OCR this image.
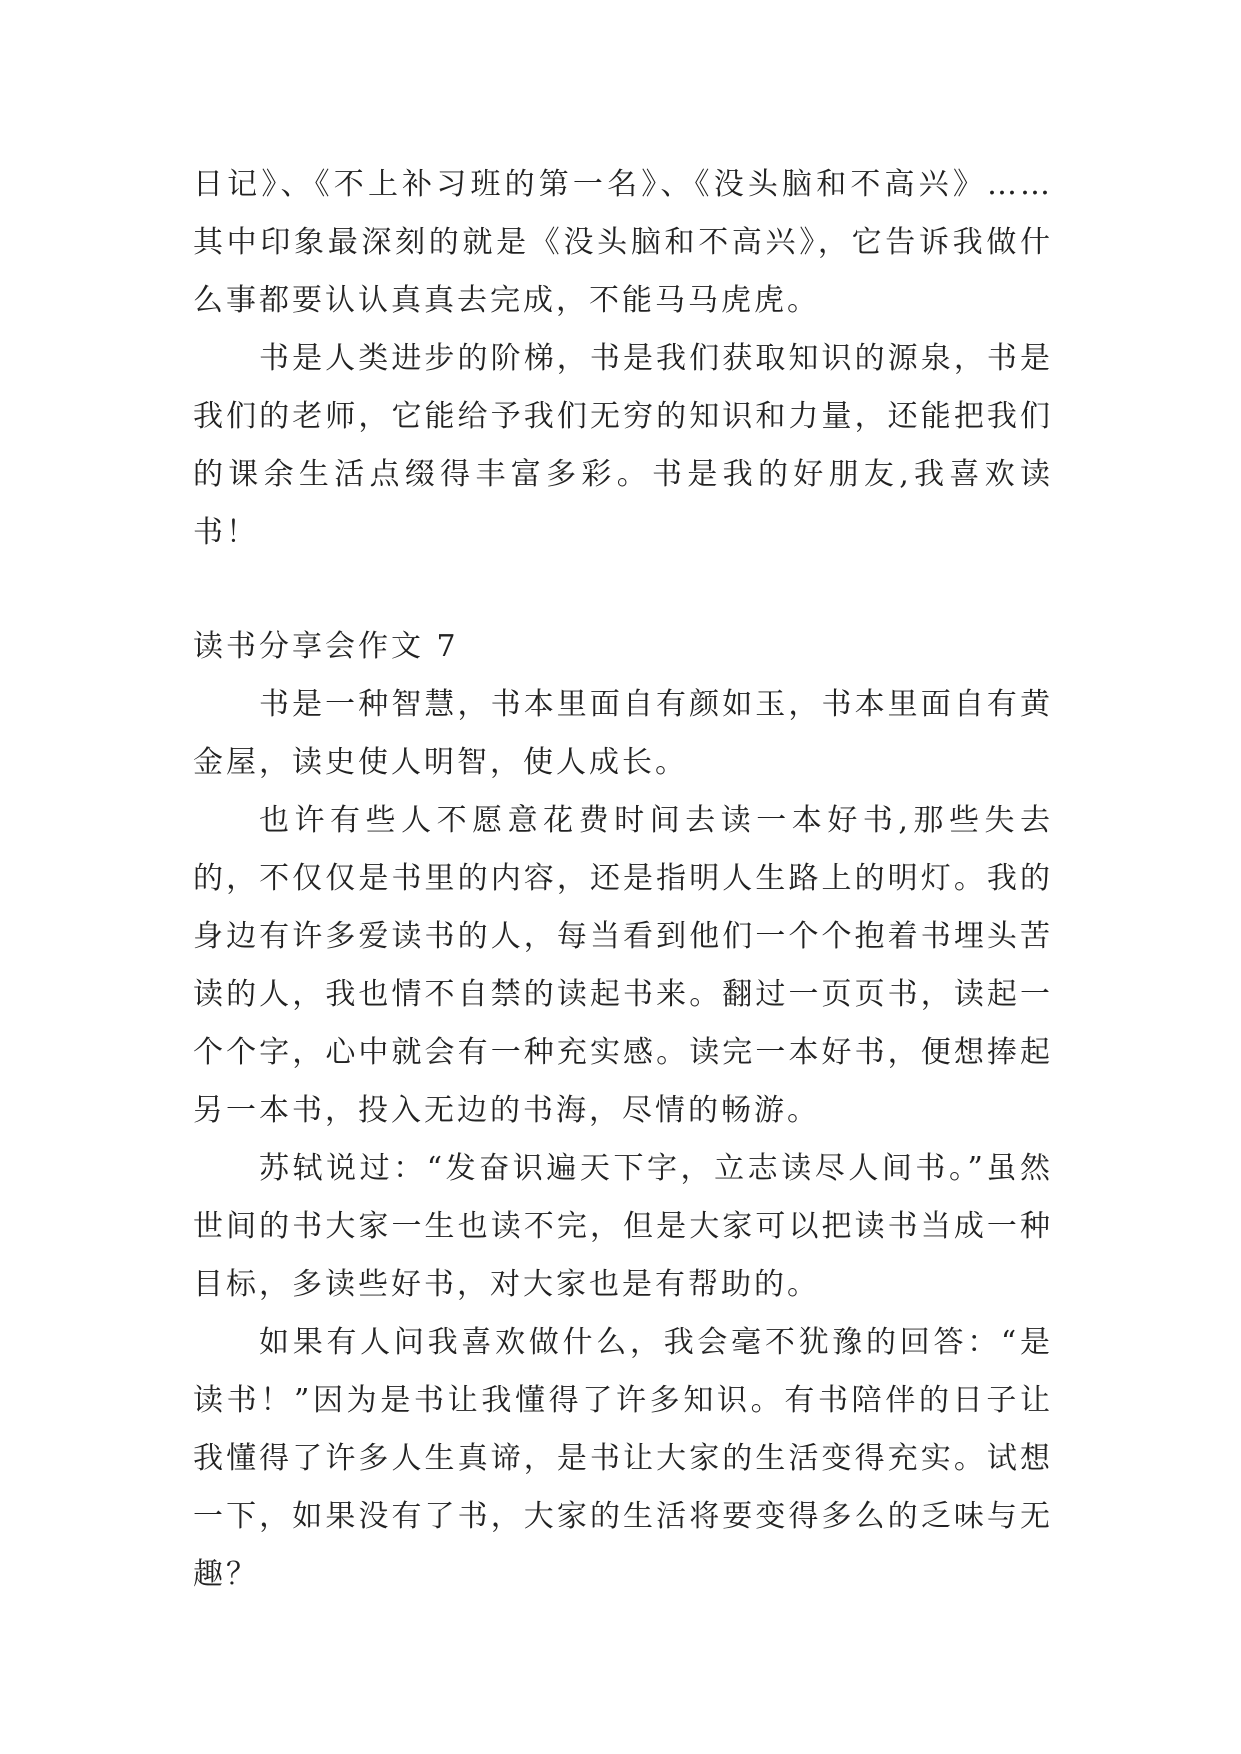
日记》、《不上补习班的第一名》、《没头脑和不高兴》……其中印象最深刻的就是《没头脑和不高兴》，它告诉我做什么事都要认认真真去完成，不能马马虎虎。

书是人类进步的阶梯，书是我们获取知识的源泉，书是我们的老师，它能给予我们无穷的知识和力量，还能把我们的课余生活点缀得丰富多彩。书是我的好朋友,我喜欢读书！

读书分享会作文 7

书是一种智慧，书本里面自有颜如玉，书本里面自有黄金屋，读史使人明智，使人成长。

也许有些人不愿意花费时间去读一本好书,那些失去的，不仅仅是书里的内容，还是指明人生路上的明灯。我的身边有许多爱读书的人，每当看到他们一个个抱着书埋头苦读的人，我也情不自禁的读起书来。翻过一页页书，读起一个个字，心中就会有一种充实感。读完一本好书，便想捧起另一本书，投入无边的书海，尽情的畅游。

苏轼说过：“发奋识遍天下字，立志读尽人间书。”虽然世间的书大家一生也读不完，但是大家可以把读书当成一种目标，多读些好书，对大家也是有帮助的。

如果有人问我喜欢做什么，我会毫不犹豫的回答：“是读书！”因为是书让我懂得了许多知识。有书陪伴的日子让我懂得了许多人生真谛，是书让大家的生活变得充实。试想一下，如果没有了书，大家的生活将要变得多么的乏味与无趣？
